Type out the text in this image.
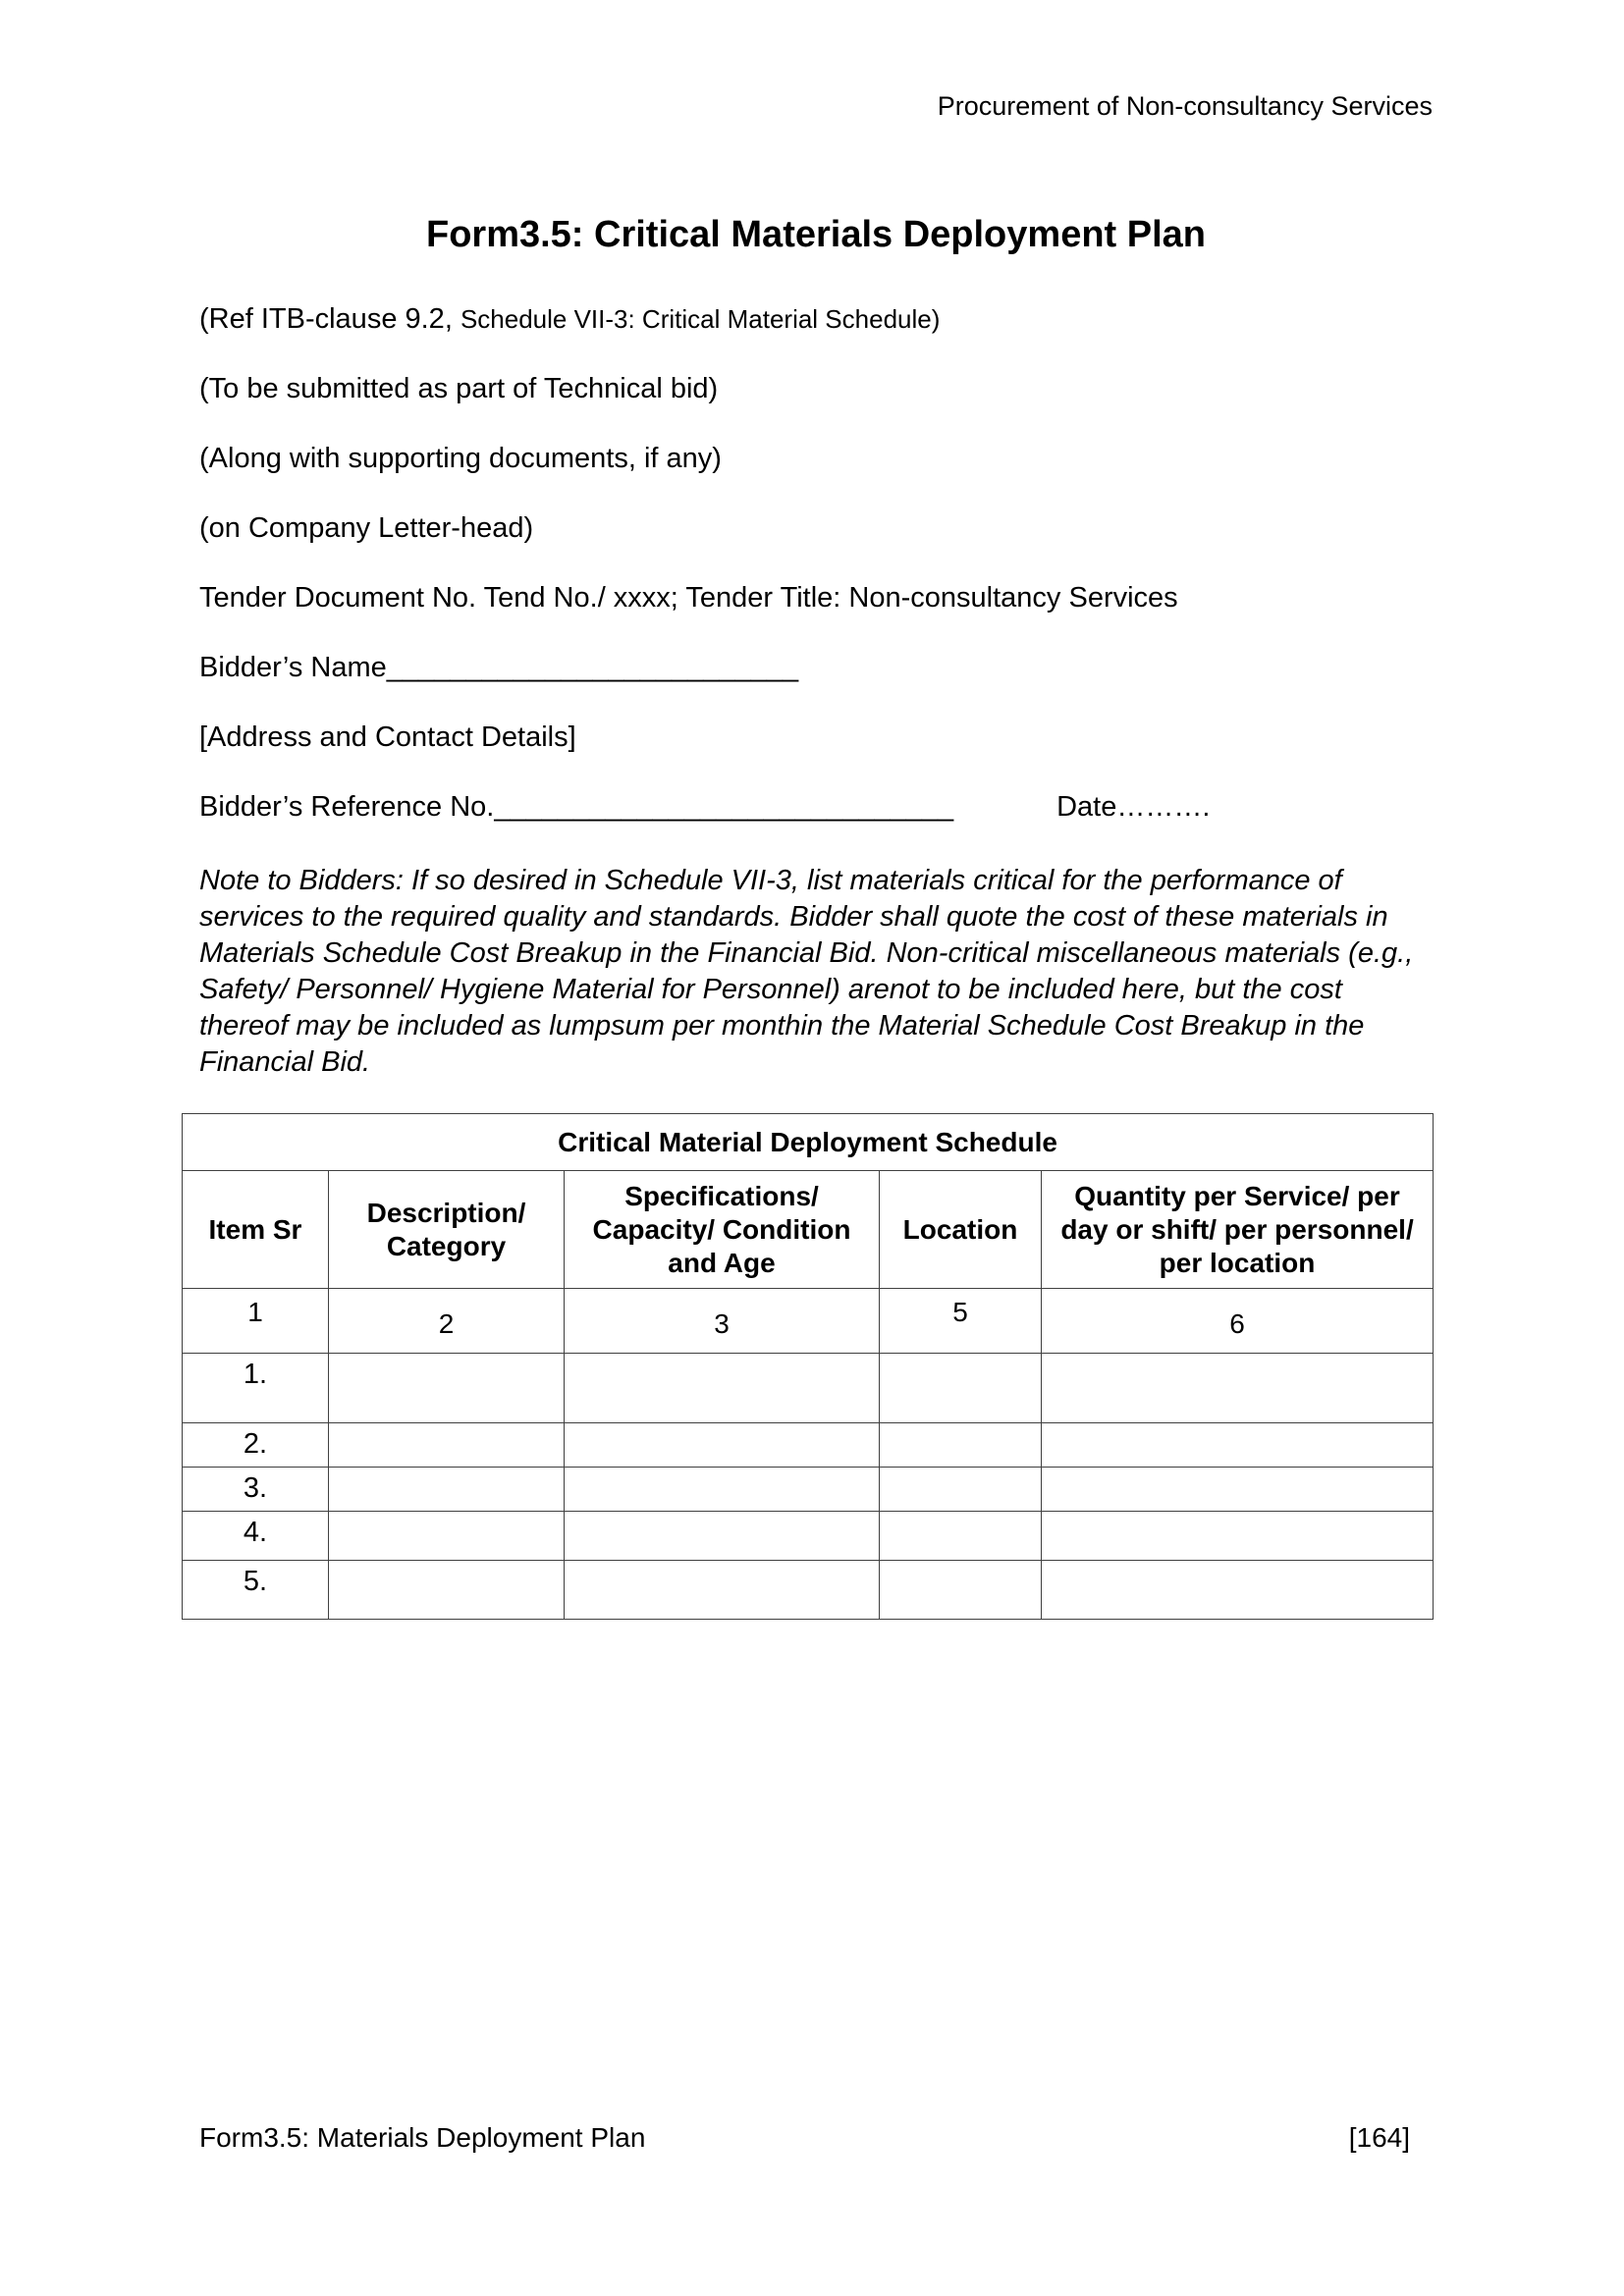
Procurement of Non-consultancy Services
Form3.5: Critical Materials Deployment Plan

(Ref ITB-clause 9.2, Schedule VII-3: Critical Material Schedule)

(To be submitted as part of Technical bid)

(Along with supporting documents, if any)

(on Company Letter-head)

Tender Document No. Tend No./ xxxx; Tender Title: Non-consultancy Services

Bidder’s Name__________________________

[Address and Contact Details]

Bidder’s Reference No._____________________________	Date……….

Note to Bidders: If so desired in Schedule VII-3, list materials critical for the performance of services to the required quality and standards. Bidder shall quote the cost of these materials in Materials Schedule Cost Breakup in the Financial Bid. Non-critical miscellaneous materials (e.g., Safety/ Personnel/ Hygiene Material for Personnel) arenot to be included here, but the cost thereof may be included as lumpsum per monthin the Material Schedule Cost Breakup in the Financial Bid.

Critical Material Deployment Schedule				
Item Sr	Description/ Category	Specifications/ Capacity/ Condition and Age	Location	Quantity per Service/ per day or shift/ per personnel/ per location
1	2	3	5	6
1.				
2.				
3.				
4.				
5.				
Form3.5: Materials Deployment Plan	[164]
